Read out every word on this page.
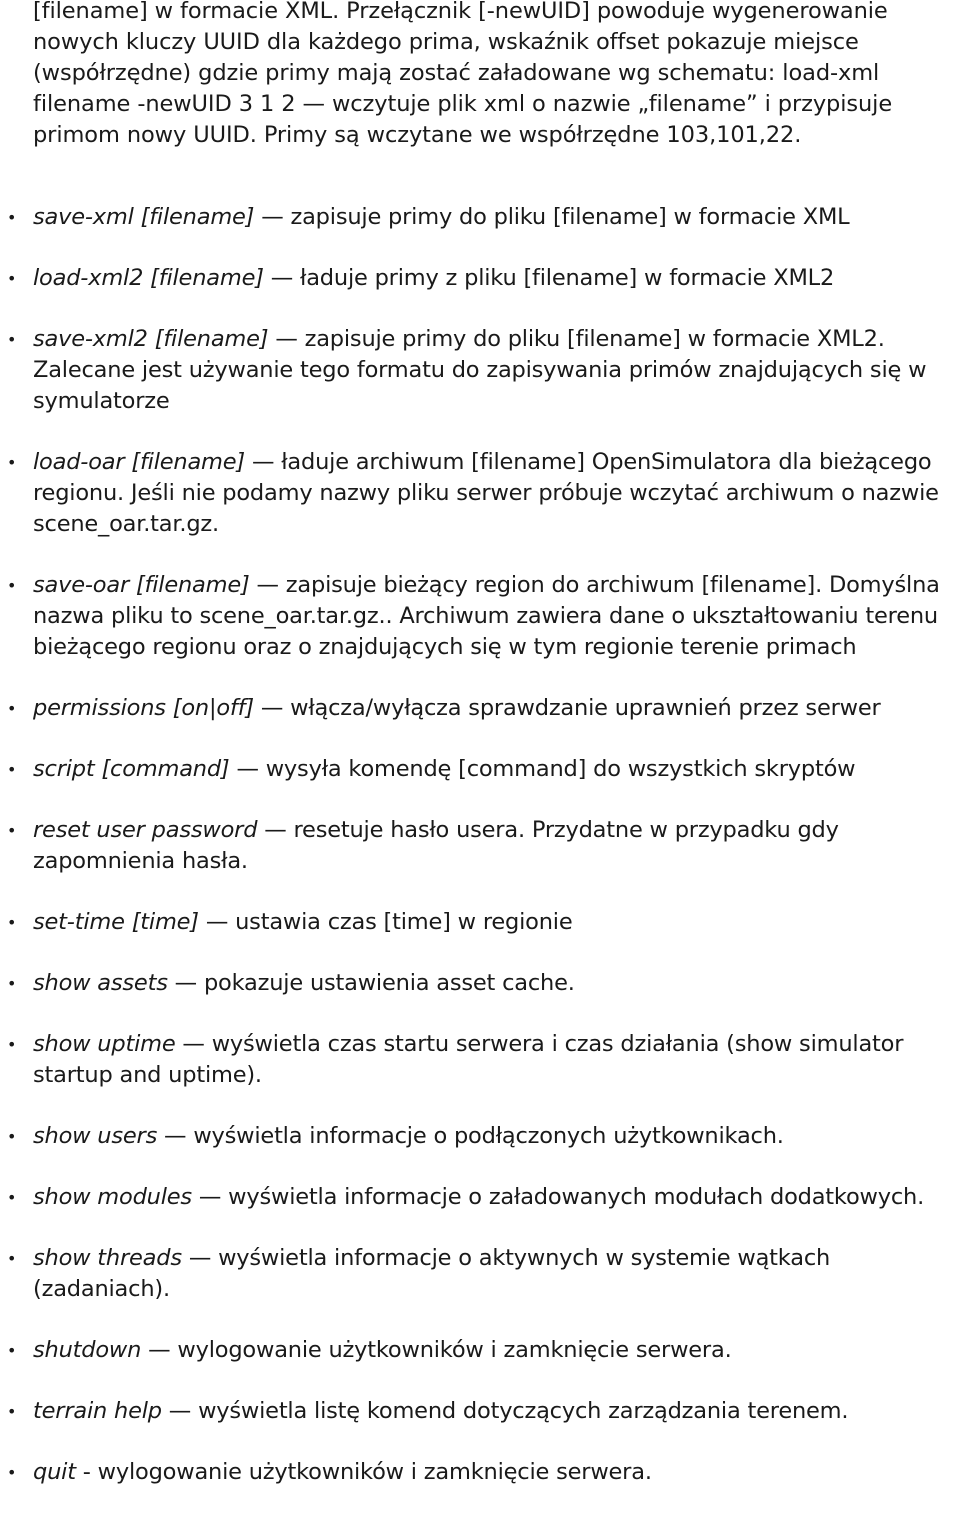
[filename] w formacie XML. Przełącznik [-newUID] powoduje wygenerowanie nowych kluczy UUID dla każdego prima, wskaźnik offset pokazuje miejsce (współrzędne) gdzie primy mają zostać załadowane wg schematu: load-xml filename -newUID 3 1 2 — wczytuje plik xml o nazwie „filename” i przypisuje primom nowy UUID. Primy są wczytane we współrzędne 103,101,22.

• save-xml [filename] — zapisuje primy do pliku [filename] w formacie XML
• load-xml2 [filename] — ładuje primy z pliku [filename] w formacie XML2
• save-xml2 [filename] — zapisuje primy do pliku [filename] w formacie XML2. Zalecane jest używanie tego formatu do zapisywania primów znajdujących się w symulatorze
• load-oar [filename] — ładuje archiwum [filename] OpenSimulatora dla bieżącego regionu. Jeśli nie podamy nazwy pliku serwer próbuje wczytać archiwum o nazwie scene_oar.tar.gz.
• save-oar [filename] — zapisuje bieżący region do archiwum [filename]. Domyślna nazwa pliku to scene_oar.tar.gz.. Archiwum zawiera dane o ukształtowaniu terenu bieżącego regionu oraz o znajdujących się w tym regionie terenie primach
• permissions [on|off] — włącza/wyłącza sprawdzanie uprawnień przez serwer
• script [command] — wysyła komendę [command] do wszystkich skryptów
• reset user password — resetuje hasło usera. Przydatne w przypadku gdy zapomnienia hasła.
• set-time [time] — ustawia czas [time] w regionie
• show assets — pokazuje ustawienia asset cache.
• show uptime — wyświetla czas startu serwera i czas działania (show simulator startup and uptime).
• show users — wyświetla informacje o podłączonych użytkownikach.
• show modules — wyświetla informacje o załadowanych modułach dodatkowych.
• show threads — wyświetla informacje o aktywnych w systemie wątkach (zadaniach).
• shutdown — wylogowanie użytkowników i zamknięcie serwera.
• terrain help — wyświetla listę komend dotyczących zarządzania terenem.
• quit - wylogowanie użytkowników i zamknięcie serwera.
